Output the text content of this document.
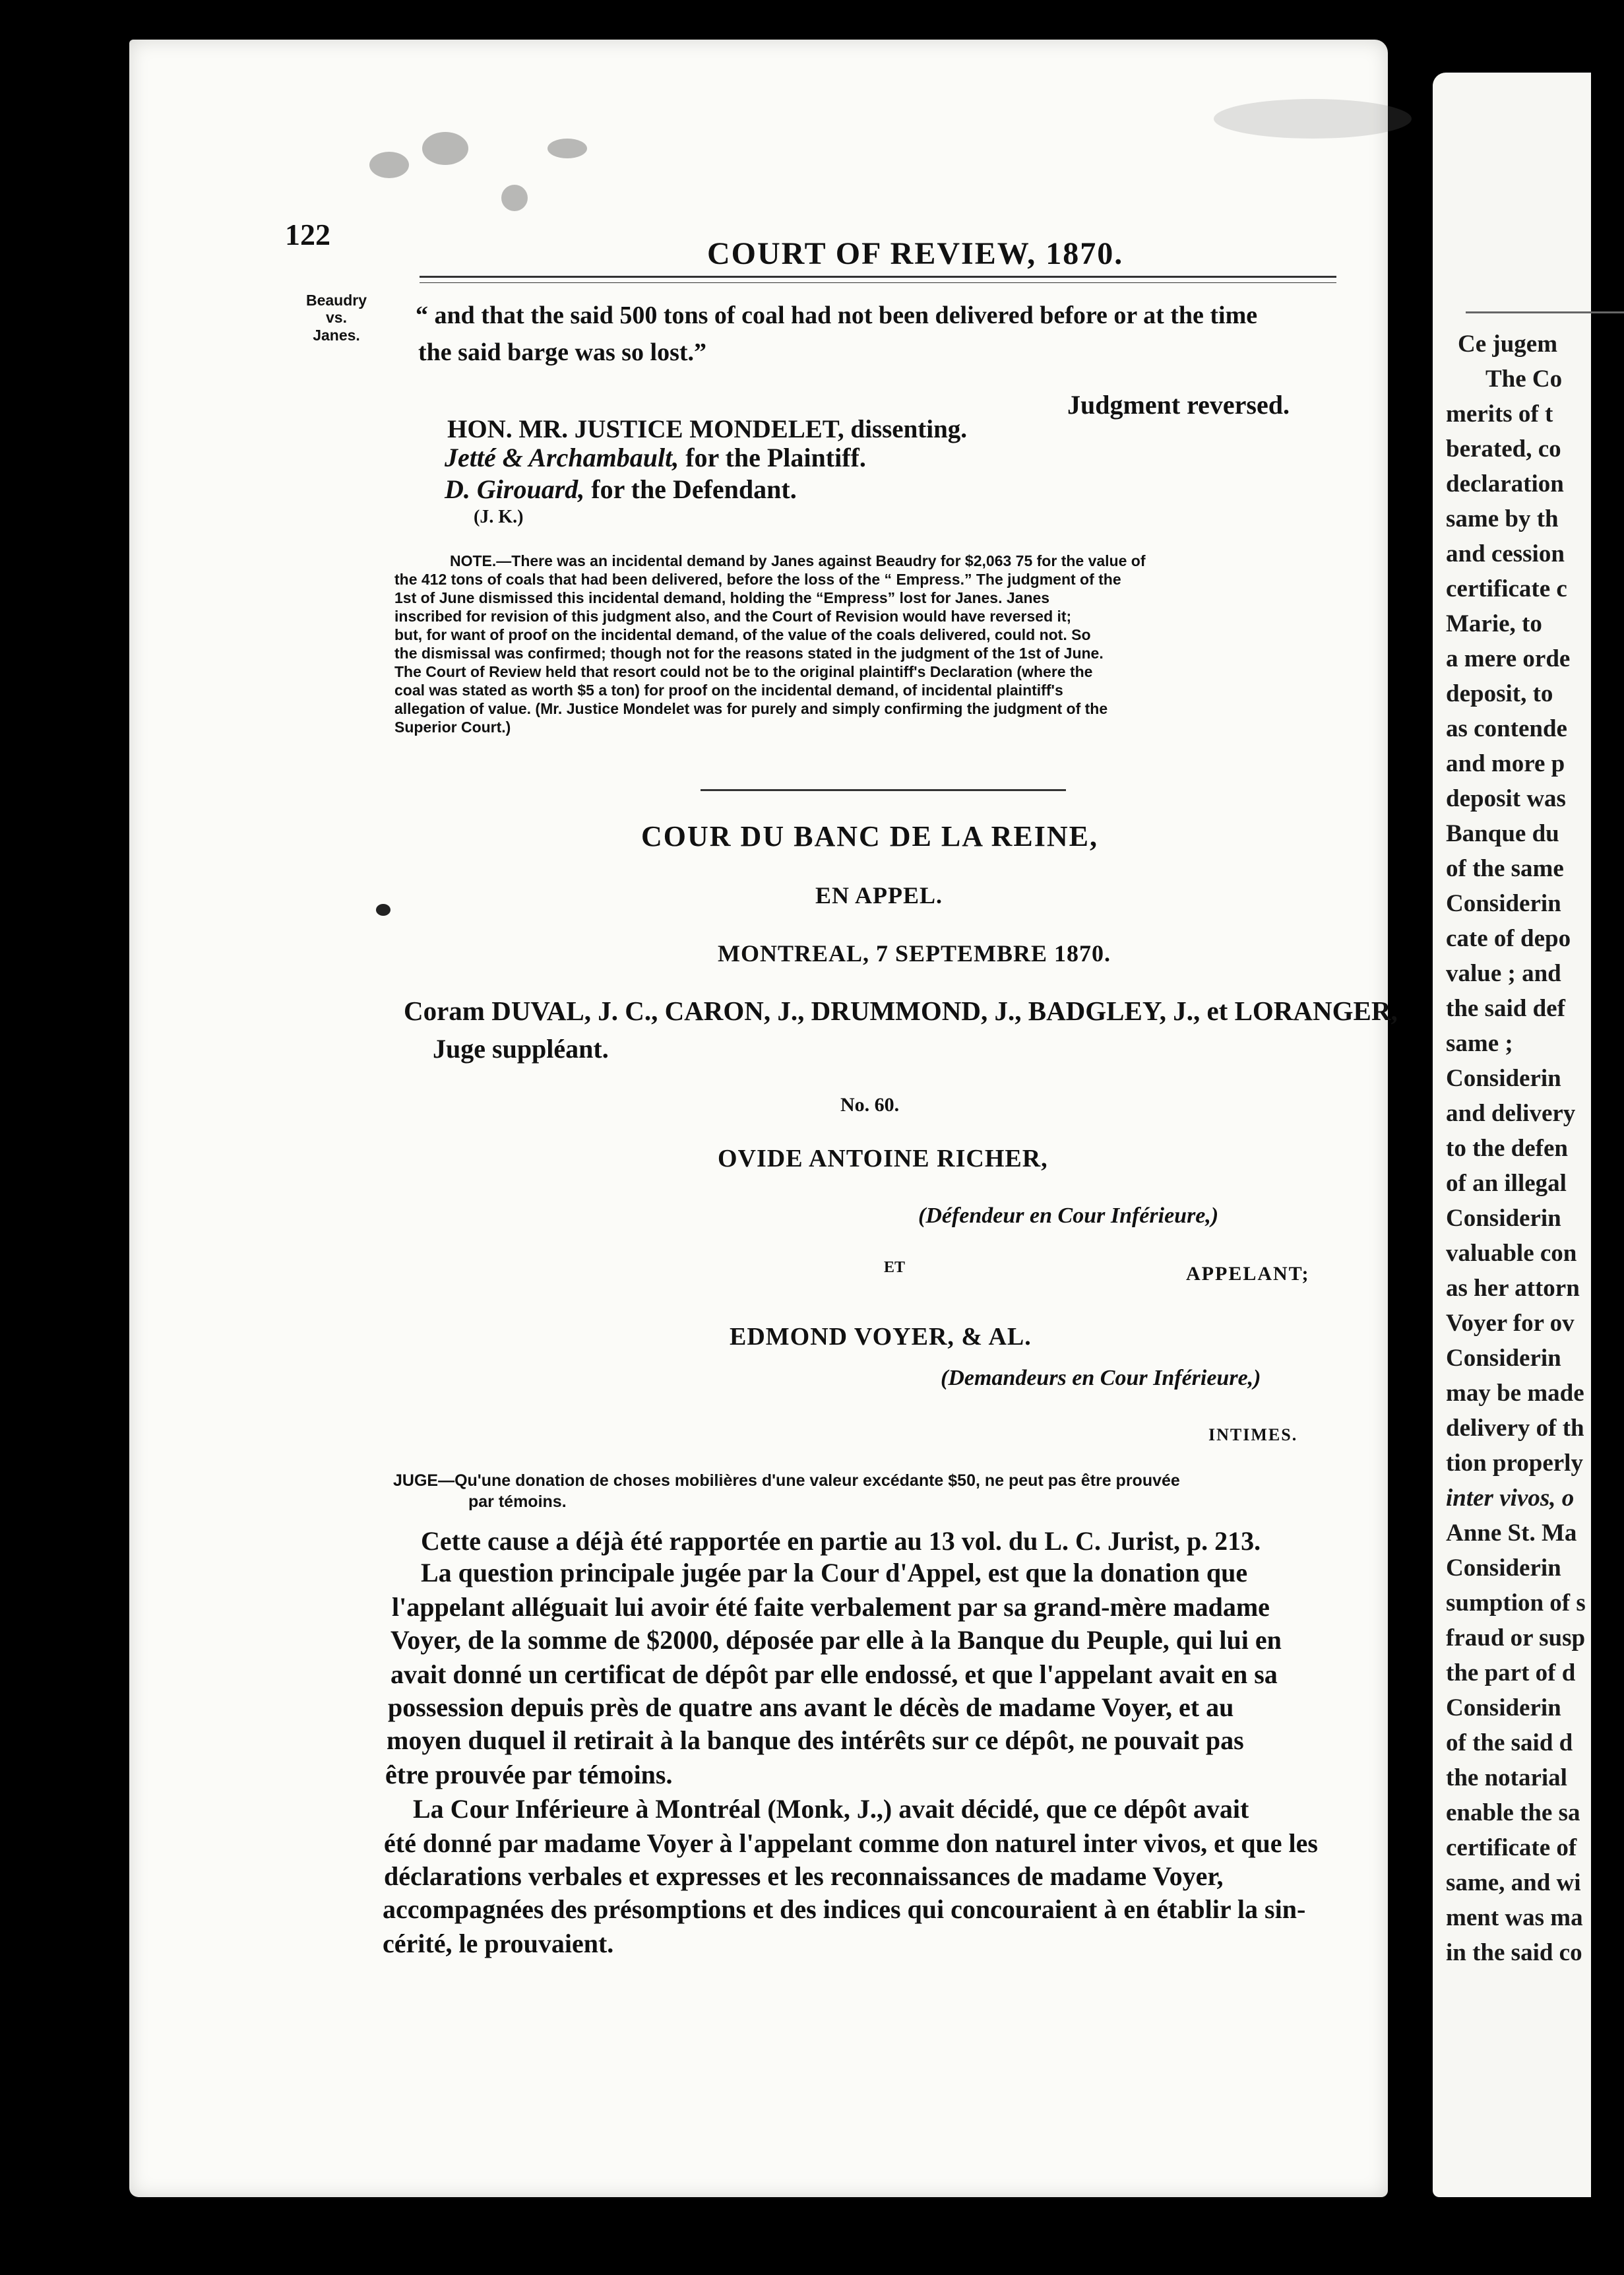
122
COURT OF REVIEW, 1870.
Beaudry
vs.
Janes.
“ and that the said 500 tons of coal had not been delivered before or at the time
the said barge was so lost.”
Judgment reversed.
HON. MR. JUSTICE MONDELET, dissenting.
Jetté & Archambault, for the Plaintiff.
D. Girouard, for the Defendant.
(J. K.)
NOTE.—There was an incidental demand by Janes against Beaudry for $2,063 75 for the value of
the 412 tons of coals that had been delivered, before the loss of the “ Empress.” The judgment of the
1st of June dismissed this incidental demand, holding the “Empress” lost for Janes. Janes
inscribed for revision of this judgment also, and the Court of Revision would have reversed it;
but, for want of proof on the incidental demand, of the value of the coals delivered, could not. So
the dismissal was confirmed; though not for the reasons stated in the judgment of the 1st of June.
The Court of Review held that resort could not be to the original plaintiff's Declaration (where the
coal was stated as worth $5 a ton) for proof on the incidental demand, of incidental plaintiff's
allegation of value. (Mr. Justice Mondelet was for purely and simply confirming the judgment of the
Superior Court.)
COUR DU BANC DE LA REINE,
EN APPEL.
MONTREAL, 7 SEPTEMBRE 1870.
Coram DUVAL, J. C., CARON, J., DRUMMOND, J., BADGLEY, J., et LORANGER,
Juge suppléant.
No. 60.
OVIDE ANTOINE RICHER,
(Défendeur en Cour Inférieure,)
ET	APPELANT;
EDMOND VOYER, & AL.
(Demandeurs en Cour Inférieure,)
INTIMES.
JUGE—Qu'une donation de choses mobilières d'une valeur excédante $50, ne peut pas être prouvée
par témoins.
Cette cause a déjà été rapportée en partie au 13 vol. du L. C. Jurist, p. 213.
La question principale jugée par la Cour d'Appel, est que la donation que
l'appelant alléguait lui avoir été faite verbalement par sa grand-mère madame
Voyer, de la somme de $2000, déposée par elle à la Banque du Peuple, qui lui en
avait donné un certificat de dépôt par elle endossé, et que l'appelant avait en sa
possession depuis près de quatre ans avant le décès de madame Voyer, et au
moyen duquel il retirait à la banque des intérêts sur ce dépôt, ne pouvait pas
être prouvée par témoins.
La Cour Inférieure à Montréal (Monk, J.,) avait décidé, que ce dépôt avait
été donné par madame Voyer à l'appelant comme don naturel inter vivos, et que les
déclarations verbales et expresses et les reconnaissances de madame Voyer,
accompagnées des présomptions et des indices qui concouraient à en établir la sin-
cérité, le prouvaient.
Ce jugem
The Co
merits of t
berated, co
declaration
same by th
and cession
certificate c
Marie, to
a mere orde
deposit, to
as contende
and more p
deposit was
Banque du
of the same
Considerin
cate of depo
value ; and
the said def
same ;
Considerin
and delivery
to the defen
of an illegal
Considerin
valuable con
as her attorn
Voyer for ov
Considerin
may be made
delivery of th
tion properly
inter vivos, o
Anne St. Ma
Considerin
sumption of s
fraud or susp
the part of d
Considerin
of the said d
the notarial
enable the sa
certificate of
same, and wi
ment was ma
in the said co
